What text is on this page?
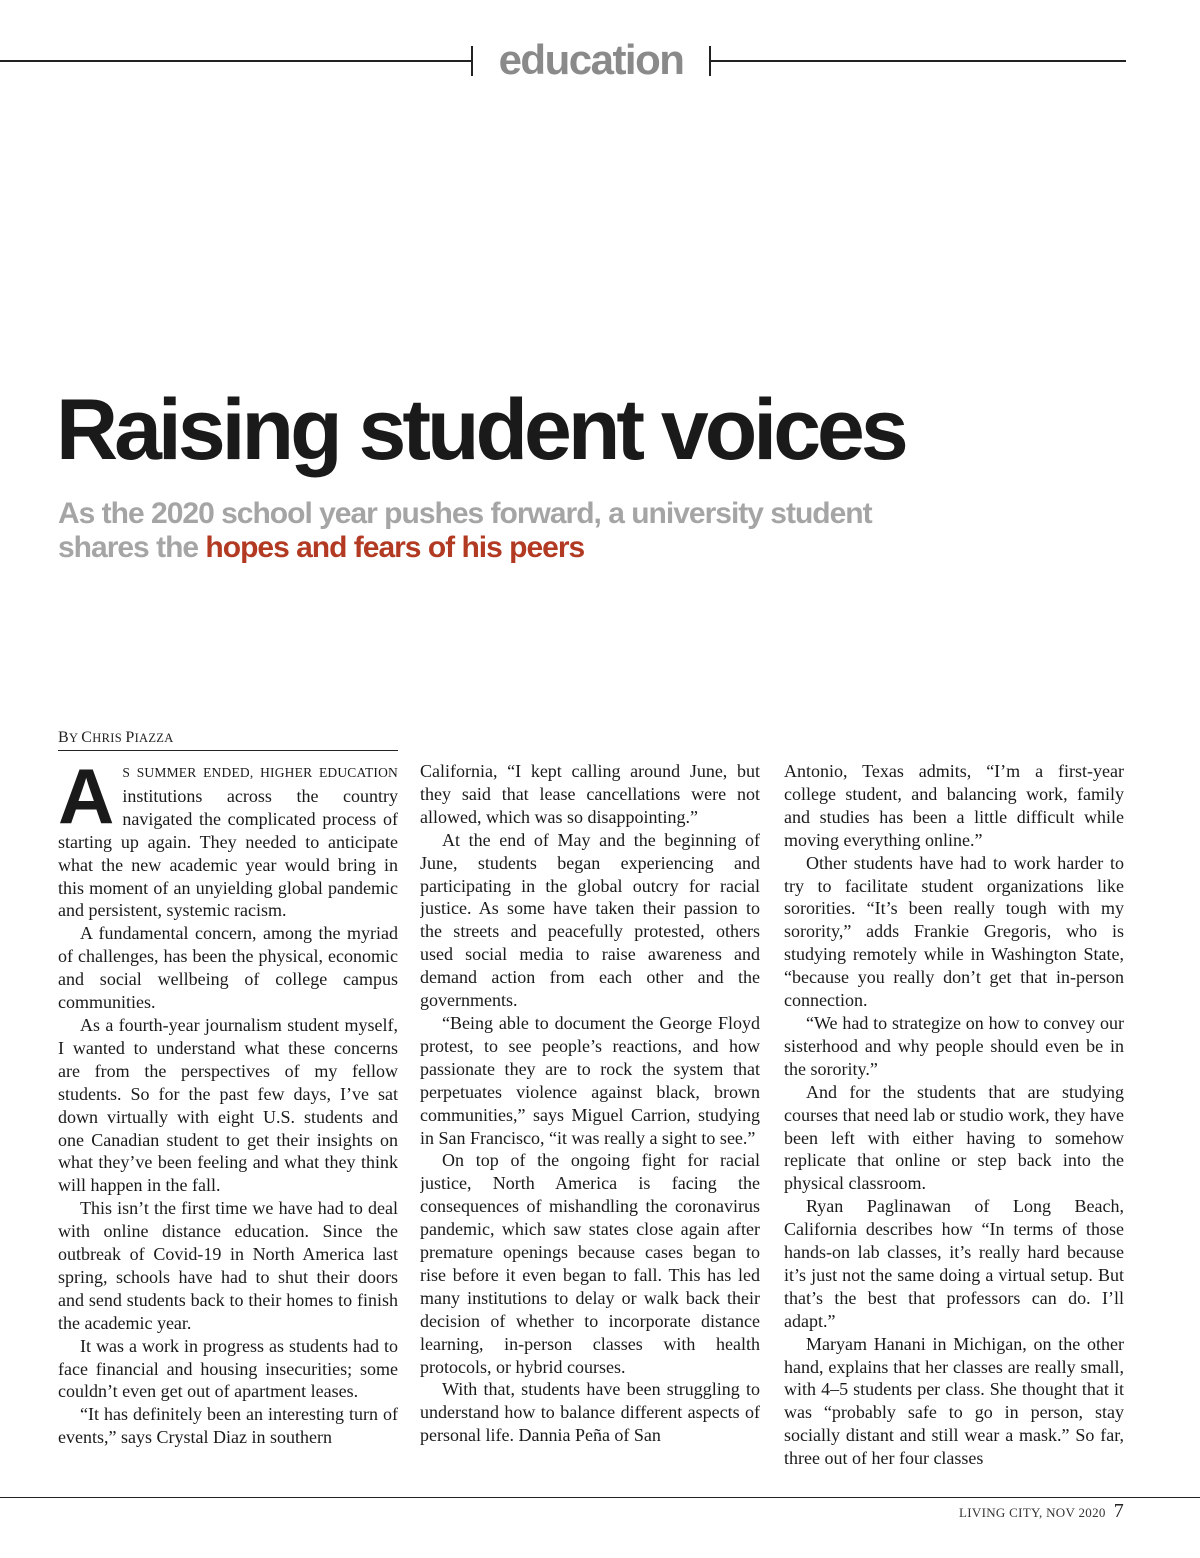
education
Raising student voices
As the 2020 school year pushes forward, a university student shares the hopes and fears of his peers
BY CHRIS PIAZZA

A S SUMMER ENDED, HIGHER EDUCATION institutions across the country navigated the complicated process of starting up again. They needed to anticipate what the new academic year would bring in this moment of an unyielding global pandemic and persistent, systemic racism.

A fundamental concern, among the myriad of challenges, has been the physical, economic and social wellbeing of college campus communities.

As a fourth-year journalism student myself, I wanted to understand what these concerns are from the perspectives of my fellow students. So for the past few days, I’ve sat down virtually with eight U.S. students and one Canadian student to get their insights on what they’ve been feeling and what they think will happen in the fall.

This isn’t the first time we have had to deal with online distance education. Since the outbreak of Covid-19 in North America last spring, schools have had to shut their doors and send students back to their homes to finish the academic year.

It was a work in progress as students had to face financial and housing insecurities; some couldn’t even get out of apartment leases.

“It has definitely been an interesting turn of events,” says Crystal Diaz in southern

California, “I kept calling around June, but they said that lease cancellations were not allowed, which was so disappointing.”

At the end of May and the beginning of June, students began experiencing and participating in the global outcry for racial justice. As some have taken their passion to the streets and peacefully protested, others used social media to raise awareness and demand action from each other and the governments.

“Being able to document the George Floyd protest, to see people’s reactions, and how passionate they are to rock the system that perpetuates violence against black, brown communities,” says Miguel Carrion, studying in San Francisco, “it was really a sight to see.”

On top of the ongoing fight for racial justice, North America is facing the consequences of mishandling the coronavirus pandemic, which saw states close again after premature openings because cases began to rise before it even began to fall. This has led many institutions to delay or walk back their decision of whether to incorporate distance learning, in-person classes with health protocols, or hybrid courses.

With that, students have been struggling to understand how to balance different aspects of personal life. Dannia Peña of San

Antonio, Texas admits, “I’m a first-year college student, and balancing work, family and studies has been a little difficult while moving everything online.”

Other students have had to work harder to try to facilitate student organizations like sororities. “It’s been really tough with my sorority,” adds Frankie Gregoris, who is studying remotely while in Washington State, “because you really don’t get that in-person connection.

“We had to strategize on how to convey our sisterhood and why people should even be in the sorority.”

And for the students that are studying courses that need lab or studio work, they have been left with either having to somehow replicate that online or step back into the physical classroom.

Ryan Paglinawan of Long Beach, California describes how “In terms of those hands-on lab classes, it’s really hard because it’s just not the same doing a virtual setup. But that’s the best that professors can do. I’ll adapt.”

Maryam Hanani in Michigan, on the other hand, explains that her classes are really small, with 4–5 students per class. She thought that it was “probably safe to go in person, stay socially distant and still wear a mask.” So far, three out of her four classes

LIVING CITY, NOV 2020 7
